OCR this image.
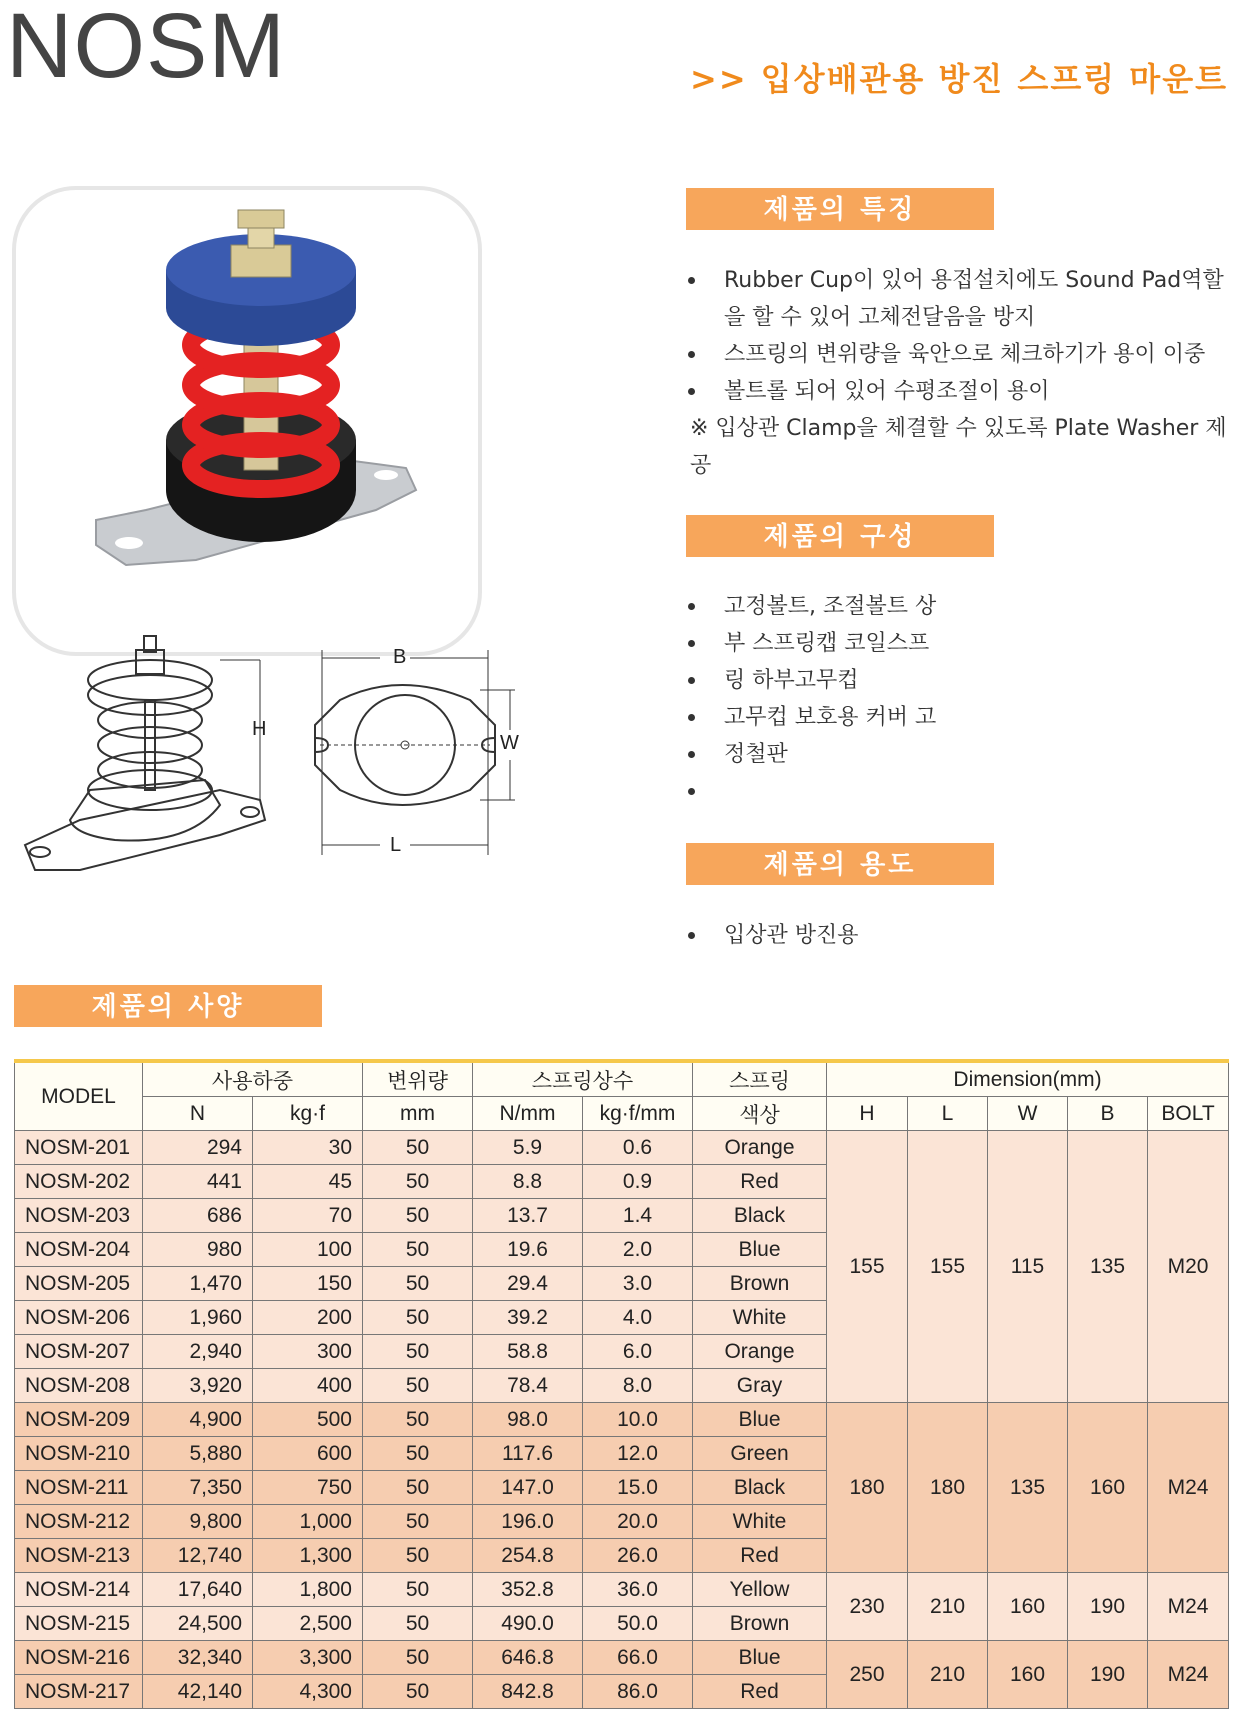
NOSM	>> 입상배관용 방진 스프링 마운트
H
B
W
L
제품의 특징
Rubber Cup이 있어 용접설치에도 Sound Pad역할 을 할 수 있어 고체전달음을 방지
스프링의 변위량을 육안으로 체크하기가 용이 이중
볼트롤 되어 있어 수평조절이 용이
※ 입상관 Clamp을 체결할 수 있도록 Plate Washer 제공
제품의 구성
고정볼트, 조절볼트 상
부 스프링캡 코일스프
링 하부고무컵
고무컵 보호용 커버 고
정철판
제품의 용도
입상관 방진용
제품의 사양
MODEL	사용하중		변위량	스프링상수		스프링	Dimension(mm)				
	N	kg·f	mm	N/mm	kg·f/mm	색상	H	L	W	B	BOLT
NOSM-201	294	30	50	5.9	0.6	Orange	155	155	115	135	M20
NOSM-202	441	45	50	8.8	0.9	Red					
NOSM-203	686	70	50	13.7	1.4	Black					
NOSM-204	980	100	50	19.6	2.0	Blue					
NOSM-205	1,470	150	50	29.4	3.0	Brown					
NOSM-206	1,960	200	50	39.2	4.0	White					
NOSM-207	2,940	300	50	58.8	6.0	Orange					
NOSM-208	3,920	400	50	78.4	8.0	Gray					
NOSM-209	4,900	500	50	98.0	10.0	Blue	180	180	135	160	M24
NOSM-210	5,880	600	50	117.6	12.0	Green					
NOSM-211	7,350	750	50	147.0	15.0	Black					
NOSM-212	9,800	1,000	50	196.0	20.0	White					
NOSM-213	12,740	1,300	50	254.8	26.0	Red					
NOSM-214	17,640	1,800	50	352.8	36.0	Yellow	230	210	160	190	M24
NOSM-215	24,500	2,500	50	490.0	50.0	Brown					
NOSM-216	32,340	3,300	50	646.8	66.0	Blue	250	210	160	190	M24
NOSM-217	42,140	4,300	50	842.8	86.0	Red					
